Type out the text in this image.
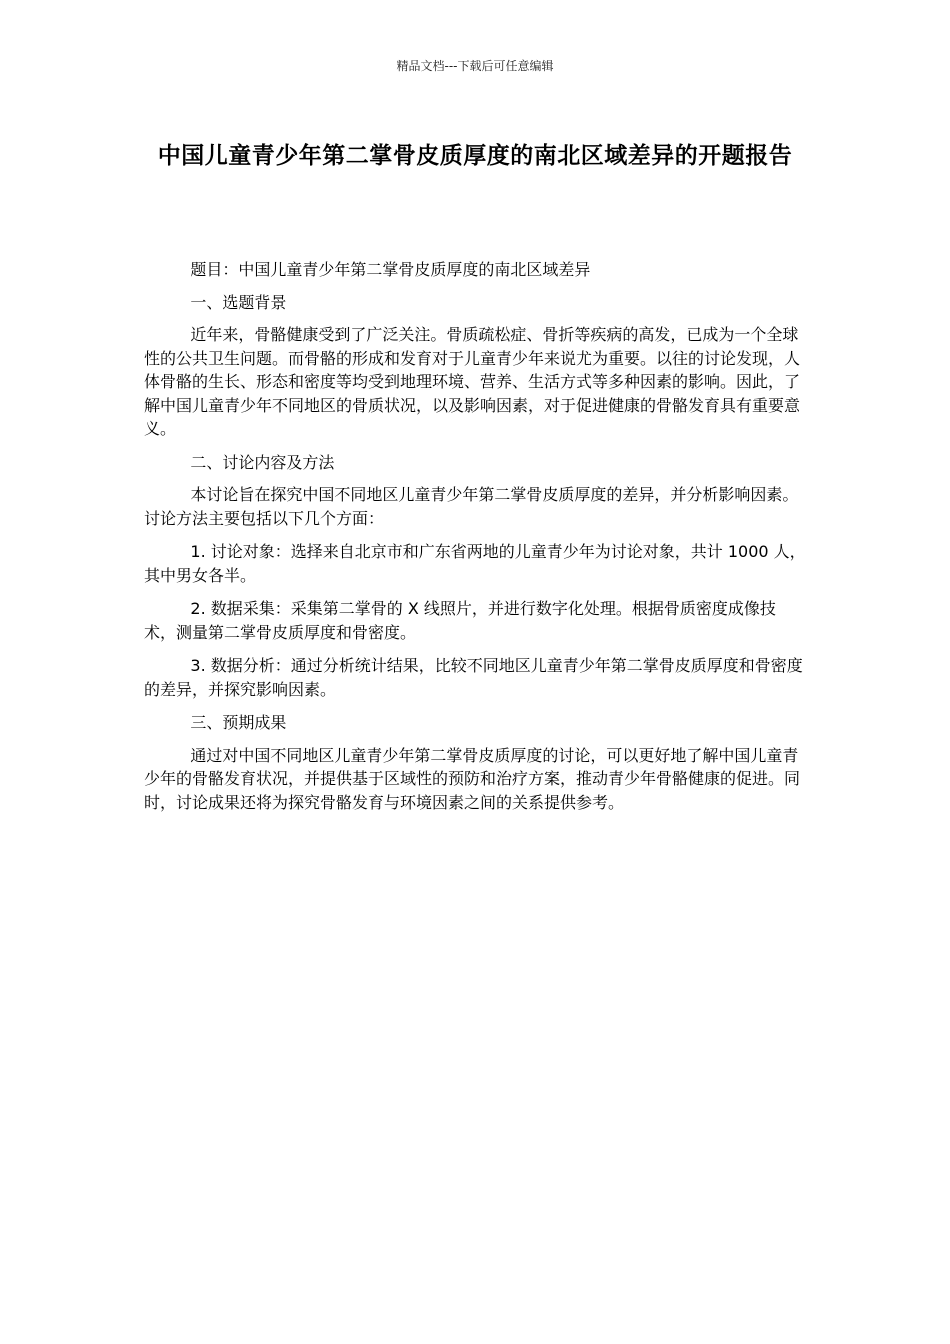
精品文档---下载后可任意编辑
中国儿童青少年第二掌骨皮质厚度的南北区域差异的开题报告

题目：中国儿童青少年第二掌骨皮质厚度的南北区域差异

一、选题背景

近年来，骨骼健康受到了广泛关注。骨质疏松症、骨折等疾病的高发，已成为一个全球性的公共卫生问题。而骨骼的形成和发育对于儿童青少年来说尤为重要。以往的讨论发现，人体骨骼的生长、形态和密度等均受到地理环境、营养、生活方式等多种因素的影响。因此，了解中国儿童青少年不同地区的骨质状况，以及影响因素，对于促进健康的骨骼发育具有重要意义。

二、讨论内容及方法

本讨论旨在探究中国不同地区儿童青少年第二掌骨皮质厚度的差异，并分析影响因素。讨论方法主要包括以下几个方面：

1. 讨论对象：选择来自北京市和广东省两地的儿童青少年为讨论对象，共计 1000 人，其中男女各半。

2. 数据采集：采集第二掌骨的 X 线照片，并进行数字化处理。根据骨质密度成像技术，测量第二掌骨皮质厚度和骨密度。

3. 数据分析：通过分析统计结果，比较不同地区儿童青少年第二掌骨皮质厚度和骨密度的差异，并探究影响因素。

三、预期成果

通过对中国不同地区儿童青少年第二掌骨皮质厚度的讨论，可以更好地了解中国儿童青少年的骨骼发育状况，并提供基于区域性的预防和治疗方案，推动青少年骨骼健康的促进。同时，讨论成果还将为探究骨骼发育与环境因素之间的关系提供参考。
